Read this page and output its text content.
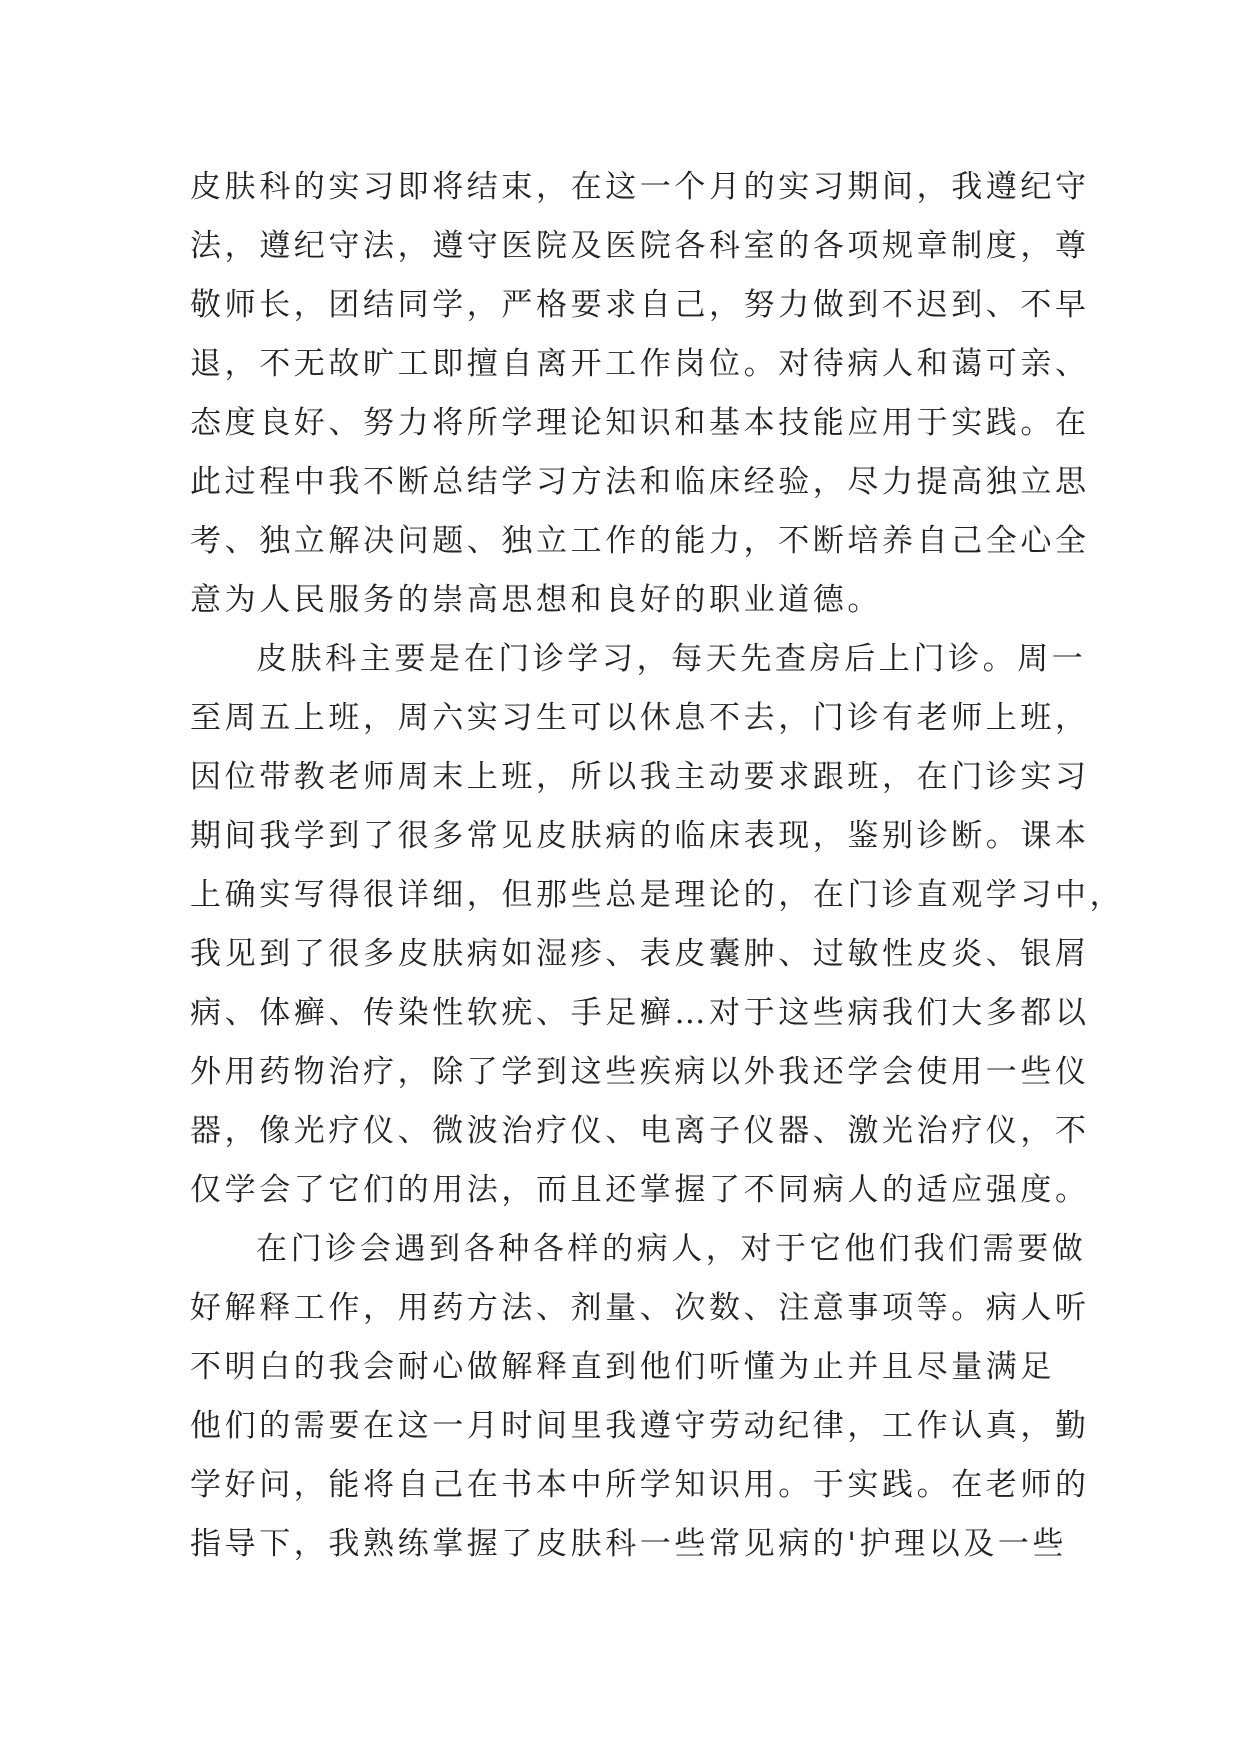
皮肤科的实习即将结束，在这一个月的实习期间，我遵纪守
法，遵纪守法，遵守医院及医院各科室的各项规章制度，尊
敬师长，团结同学，严格要求自己，努力做到不迟到、不早
退，不无故旷工即擅自离开工作岗位。对待病人和蔼可亲、
态度良好、努力将所学理论知识和基本技能应用于实践。在
此过程中我不断总结学习方法和临床经验，尽力提高独立思
考、独立解决问题、独立工作的能力，不断培养自己全心全
意为人民服务的崇高思想和良好的职业道德。
皮肤科主要是在门诊学习，每天先查房后上门诊。周一
至周五上班，周六实习生可以休息不去，门诊有老师上班，
因位带教老师周末上班，所以我主动要求跟班，在门诊实习
期间我学到了很多常见皮肤病的临床表现，鉴别诊断。课本
上确实写得很详细，但那些总是理论的，在门诊直观学习中，
我见到了很多皮肤病如湿疹、表皮囊肿、过敏性皮炎、银屑
病、体癣、传染性软疣、手足癣…对于这些病我们大多都以
外用药物治疗，除了学到这些疾病以外我还学会使用一些仪
器，像光疗仪、微波治疗仪、电离子仪器、激光治疗仪，不
仅学会了它们的用法，而且还掌握了不同病人的适应强度。
在门诊会遇到各种各样的病人，对于它他们我们需要做
好解释工作，用药方法、剂量、次数、注意事项等。病人听
不明白的我会耐心做解释直到他们听懂为止并且尽量满足
他们的需要在这一月时间里我遵守劳动纪律，工作认真，勤
学好问，能将自己在书本中所学知识用。于实践。在老师的
指导下，我熟练掌握了皮肤科一些常见病的'护理以及一些
